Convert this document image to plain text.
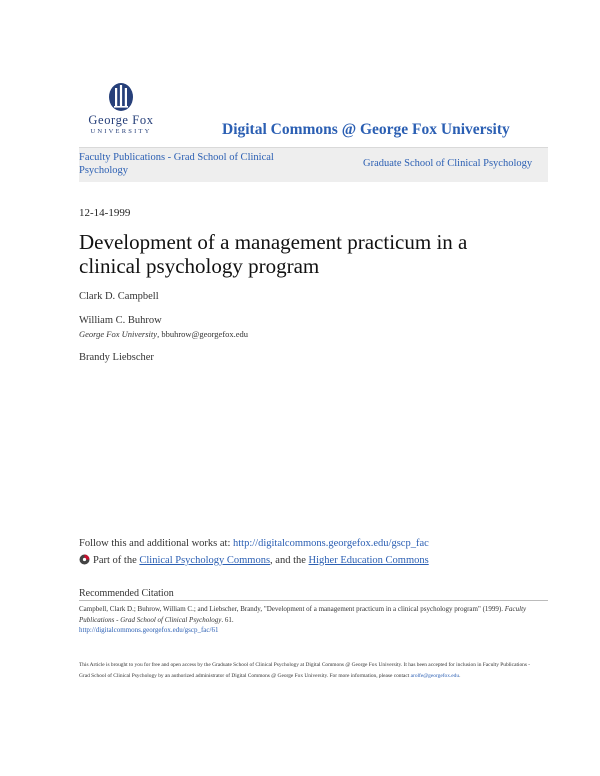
George Fox
UNIVERSITY	Digital Commons @ George Fox University
Faculty Publications - Grad School of Clinical Psychology
Graduate School of Clinical Psychology
12-14-1999
Development of a management practicum in a clinical psychology program
Clark D. Campbell
William C. Buhrow
George Fox University, bbuhrow@georgefox.edu
Brandy Liebscher
Follow this and additional works at: http://digitalcommons.georgefox.edu/gscp_fac
Part of the Clinical Psychology Commons, and the Higher Education Commons
Recommended Citation
Campbell, Clark D.; Buhrow, William C.; and Liebscher, Brandy, "Development of a management practicum in a clinical psychology program" (1999). Faculty Publications - Grad School of Clinical Psychology. 61.
http://digitalcommons.georgefox.edu/gscp_fac/61
This Article is brought to you for free and open access by the Graduate School of Clinical Psychology at Digital Commons @ George Fox University. It has been accepted for inclusion in Faculty Publications - Grad School of Clinical Psychology by an authorized administrator of Digital Commons @ George Fox University. For more information, please contact arolfe@georgefox.edu.
